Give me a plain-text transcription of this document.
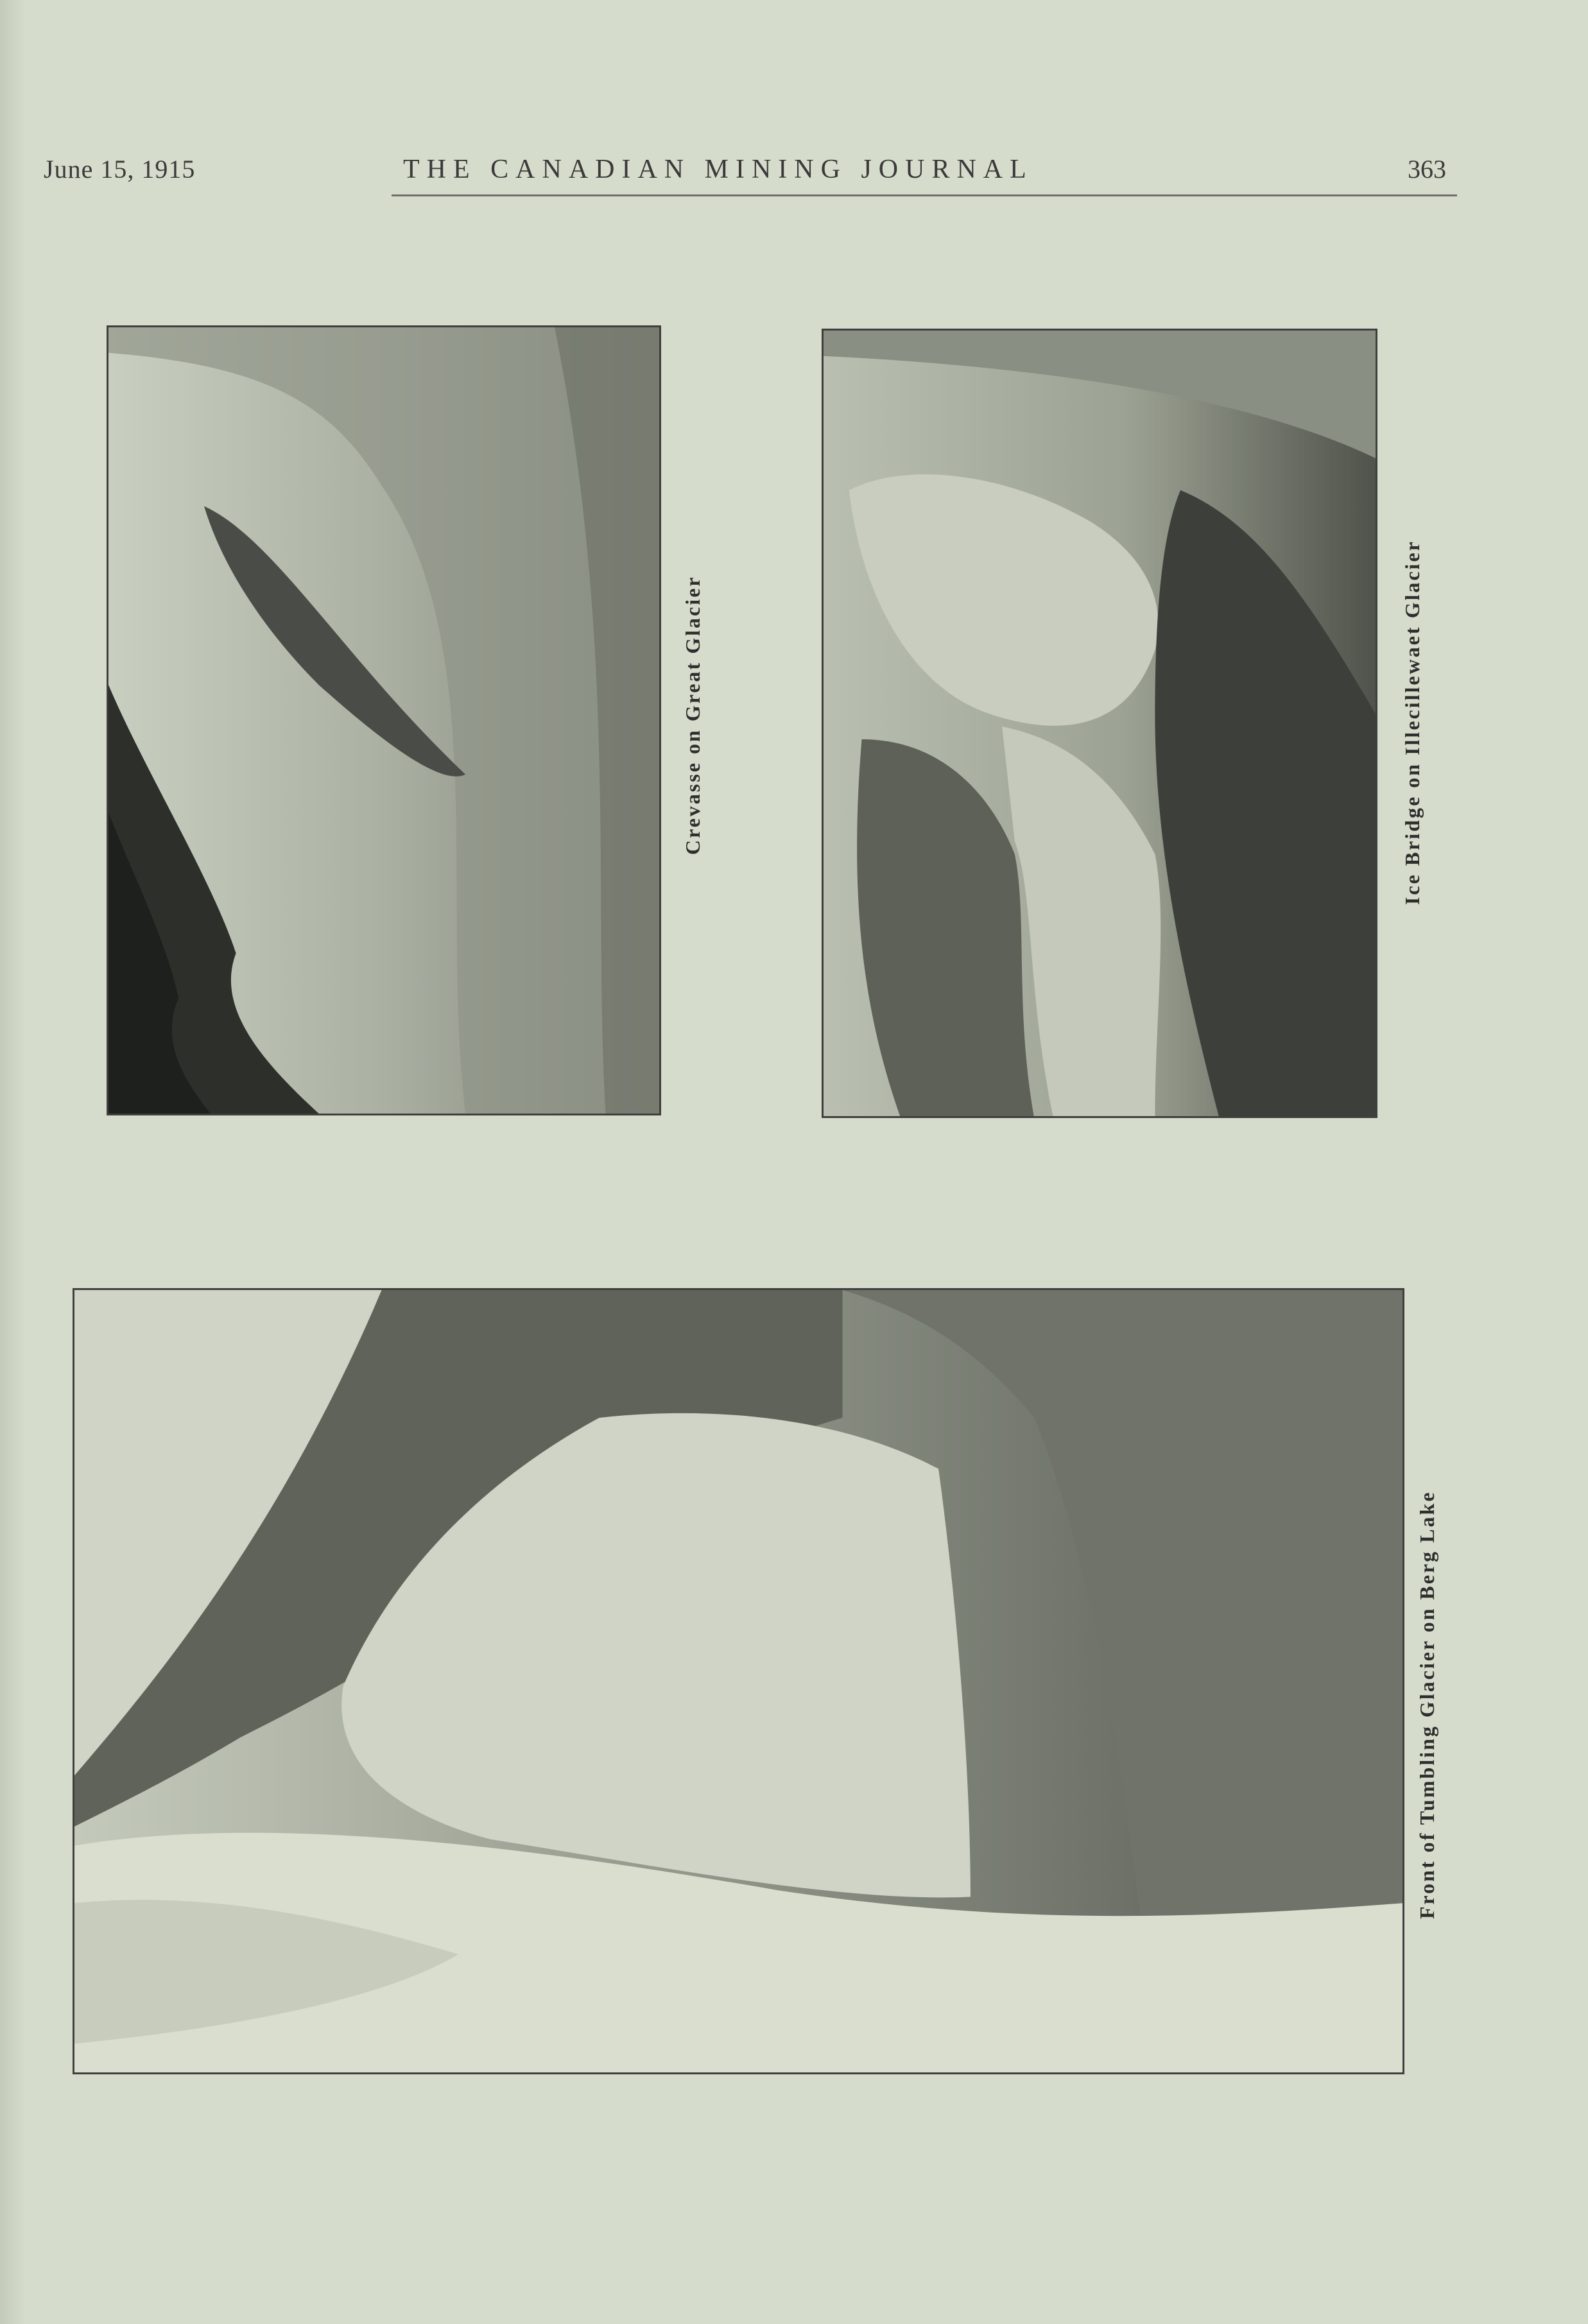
June 15, 1915	THE CANADIAN MINING JOURNAL	363
Crevasse on Great Glacier	Ice Bridge on Illecillewaet Glacier
Front of Tumbling Glacier on Berg Lake
